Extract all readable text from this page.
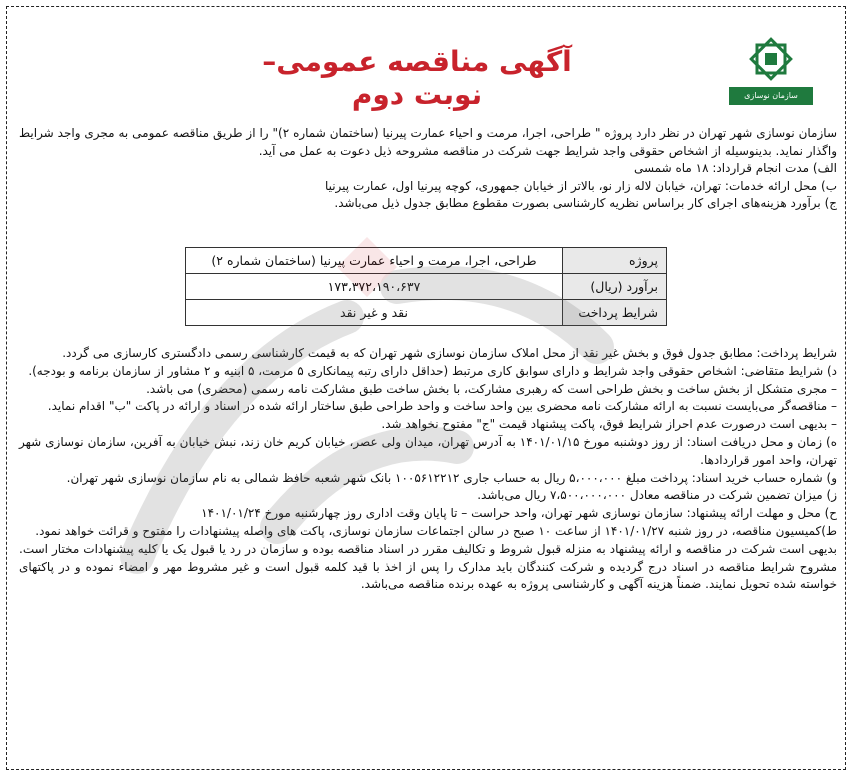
آگهی مناقصه عمومی– نوبت دوم	سازمان نوسازی شهرتهران

سازمان نوسازی شهر تهران در نظر دارد پروژه " طراحی، اجرا، مرمت و احیاء عمارت پیرنیا (ساختمان شماره ۲)" را از طریق مناقصه عمومی به مجری واجد شرایط واگذار نماید. بدینوسیله از اشخاص حقوقی واجد شرایط جهت شرکت در مناقصه مشروحه ذیل دعوت به عمل می آید.

الف) مدت انجام قرارداد: ۱۸ ماه شمسی

ب) محل ارائه خدمات: تهران، خیابان لاله زار نو، بالاتر از خیابان جمهوری، کوچه پیرنیا اول، عمارت پیرنیا

ج) برآورد هزینه‌های اجرای کار براساس نظریه کارشناسی بصورت مقطوع مطابق جدول ذیل می‌باشد.

پروژه	طراحی، اجرا، مرمت و احیاء عمارت پیرنیا (ساختمان شماره ۲)
برآورد (ریال)	۱۷۳،۳۷۲،۱۹۰،۶۳۷
شرایط پرداخت	نقد و غیر نقد

شرایط پرداخت: مطابق جدول فوق و بخش غیر نقد از محل املاک سازمان نوسازی شهر تهران که به قیمت کارشناسی رسمی دادگستری کارسازی می گردد.

د) شرایط متقاضی: اشخاص حقوقی واجد شرایط و دارای سوابق کاری مرتبط (حداقل دارای رتبه پیمانکاری ۵ مرمت، ۵ ابنیه و ۲ مشاور از سازمان برنامه و بودجه).

– مجری متشکل از بخش ساخت و بخش طراحی است که رهبری مشارکت، با بخش ساخت طبق مشارکت نامه رسمی (محضری) می باشد.

– مناقصه‌گر می‌بایست نسبت به ارائه مشارکت نامه محضری بین واحد ساخت و واحد طراحی طبق ساختار ارائه شده در اسناد و ارائه در پاکت "ب" اقدام نماید.

– بدیهی است درصورت عدم احراز شرایط فوق، پاکت پیشنهاد قیمت "ج" مفتوح نخواهد شد.

ه) زمان و محل دریافت اسناد: از روز دوشنبه مورخ ۱۴۰۱/۰۱/۱۵ به آدرس تهران، میدان ولی عصر، خیابان کریم خان زند، نبش خیابان به آفرین، سازمان نوسازی شهر تهران، واحد امور قراردادها.

و) شماره حساب خرید اسناد: پرداخت مبلغ ۵،۰۰۰،۰۰۰ ریال به حساب جاری ۱۰۰۵۶۱۲۲۱۲ بانک شهر شعبه حافظ شمالی به نام سازمان نوسازی شهر تهران.

ز) میزان تضمین شرکت در مناقصه معادل ۷،۵۰۰،۰۰۰،۰۰۰ ریال می‌باشد.

ح) محل و مهلت ارائه پیشنهاد: سازمان نوسازی شهر تهران، واحد حراست – تا پایان وقت اداری روز چهارشنبه مورخ ۱۴۰۱/۰۱/۲۴

ط)کمیسیون مناقصه، در روز شنبه ۱۴۰۱/۰۱/۲۷ از ساعت ۱۰ صبح در سالن اجتماعات سازمان نوسازی، پاکت های واصله پیشنهادات را مفتوح و قرائت خواهد نمود.

بدیهی است شرکت در مناقصه و ارائه پیشنهاد به منزله قبول شروط و تکالیف مقرر در اسناد مناقصه بوده و سازمان در رد یا قبول یک یا کلیه پیشنهادات مختار است. مشروح شرایط مناقصه در اسناد درج گردیده و شرکت کنندگان باید مدارک را پس از اخذ با قید کلمه قبول است و غیر مشروط مهر و امضاء نموده و در پاکتهای خواسته شده تحویل نمایند. ضمناً هزینه آگهی و کارشناسی پروژه به عهده برنده مناقصه می‌باشد.
